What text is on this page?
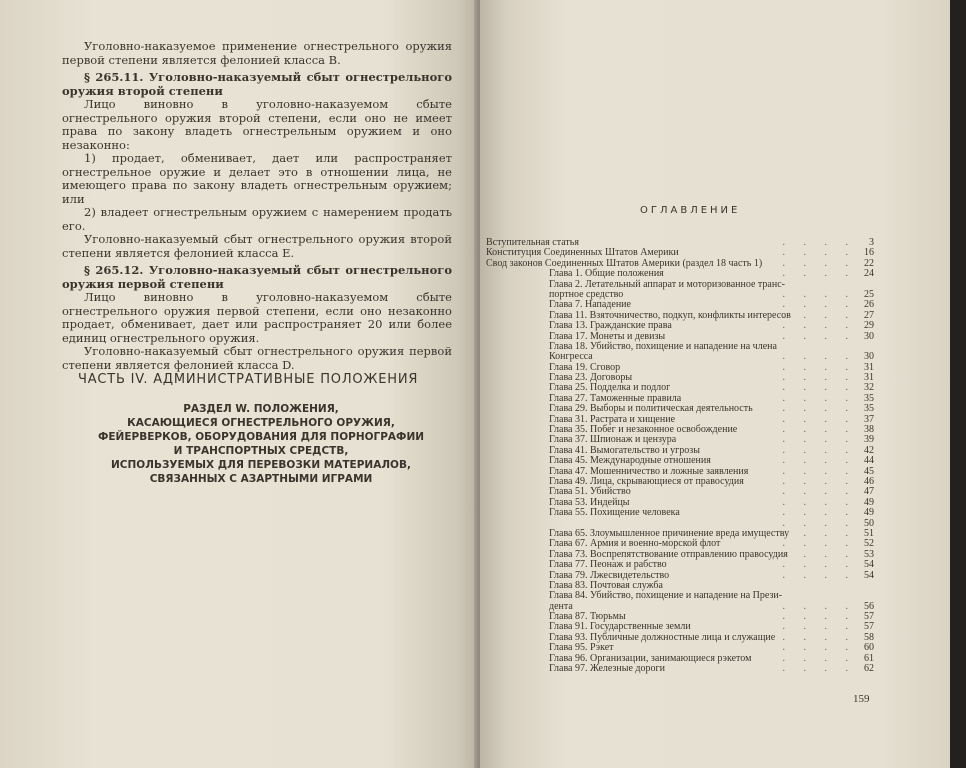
Уголовно-наказуемое применение огнестрельного оружия первой степени является фелонией класса В.

§ 265.11. Уголовно-наказуемый сбыт огнестрельного оружия второй степени

Лицо виновно в уголовно-наказуемом сбыте огнестрельного оружия второй степени, если оно не имеет права по закону владеть огнестрельным оружием и оно незаконно:

1) продает, обменивает, дает или распространяет огнестрельное оружие и делает это в отношении лица, не имеющего права по закону владеть огнестрельным оружием; или

2) владеет огнестрельным оружием с намерением продать его.

Уголовно-наказуемый сбыт огнестрельного оружия второй степени является фелонией класса Е.

§ 265.12. Уголовно-наказуемый сбыт огнестрельного оружия первой степени

Лицо виновно в уголовно-наказуемом сбыте огнестрельного оружия первой степени, если оно незаконно продает, обменивает, дает или распространяет 20 или более единиц огнестрельного оружия.

Уголовно-наказуемый сбыт огнестрельного оружия первой степени является фелонией класса D.

ЧАСТЬ IV. АДМИНИСТРАТИВНЫЕ ПОЛОЖЕНИЯ
РАЗДЕЛ W. ПОЛОЖЕНИЯ,
КАСАЮЩИЕСЯ ОГНЕСТРЕЛЬНОГО ОРУЖИЯ,
ФЕЙЕРВЕРКОВ, ОБОРУДОВАНИЯ ДЛЯ ПОРНОГРАФИИ
И ТРАНСПОРТНЫХ СРЕДСТВ,
ИСПОЛЬЗУЕМЫХ ДЛЯ ПЕРЕВОЗКИ МАТЕРИАЛОВ,
СВЯЗАННЫХ С АЗАРТНЫМИ ИГРАМИ
ОГЛАВЛЕНИЕ
Вступительная статья	. . . . 3
Конституция Соединенных Штатов Америки	. . . . 16
Свод законов Соединенных Штатов Америки (раздел 18 часть 1) . . . . 22
Глава 1. Общие положения	. . . . 24
Глава 2. Летательный аппарат и моторизованное транс-
портное средство	. . . . 25
Глава 7. Нападение	. . . . 26
Глава 11. Взяточничество, подкуп, конфликты интересов
. . . . 27
Глава 13. Гражданские права	. . . . 29
Глава 17. Монеты и девизы	. . . . 30
Глава 18. Убийство, похищение и нападение на члена
Конгресса	. . . . 30
Глава 19. Сговор	. . . . 31
Глава 23. Договоры	. . . . 31
Глава 25. Подделка и подлог	. . . . 32
Глава 27. Таможенные правила	. . . . 35
Глава 29. Выборы и политическая деятельность	. . . . 35
Глава 31. Растрата и хищение	. . . . 37
Глава 35. Побег и незаконное освобождение	. . . . 38
Глава 37. Шпионаж и цензура	. . . . 39
Глава 41. Вымогательство и угрозы	. . . . 42
Глава 45. Международные отношения	. . . . 44
Глава 47. Мошенничество и ложные заявления	. . . . 45
Глава 49. Лица, скрывающиеся от правосудия	. . . . 46
Глава 51. Убийство	. . . . 47
Глава 53. Индейцы	. . . . 49
Глава 55. Похищение человека	. . . . 49
. . . . 50
Глава 65. Злоумышленное причинение вреда имуществу
. . . . 51
Глава 67. Армия и военно-морской флот	. . . . 52
Глава 73. Воспрепятствование отправлению правосудия
. . . . 53
Глава 77. Пеонаж и рабство	. . . . 54
Глава 79. Лжесвидетельство	. . . . 54
Глава 83. Почтовая служба
Глава 84. Убийство, похищение и нападение на Прези-
дента	. . . . 56
Глава 87. Тюрьмы	. . . . 57
Глава 91. Государственные земли	. . . . 57
Глава 93. Публичные должностные лица и служащие . . . . 58
Глава 95. Рэкет	. . . . 60
Глава 96. Организации, занимающиеся рэкетом	. . . . 61
Глава 97. Железные дороги	. . . . 62
159
